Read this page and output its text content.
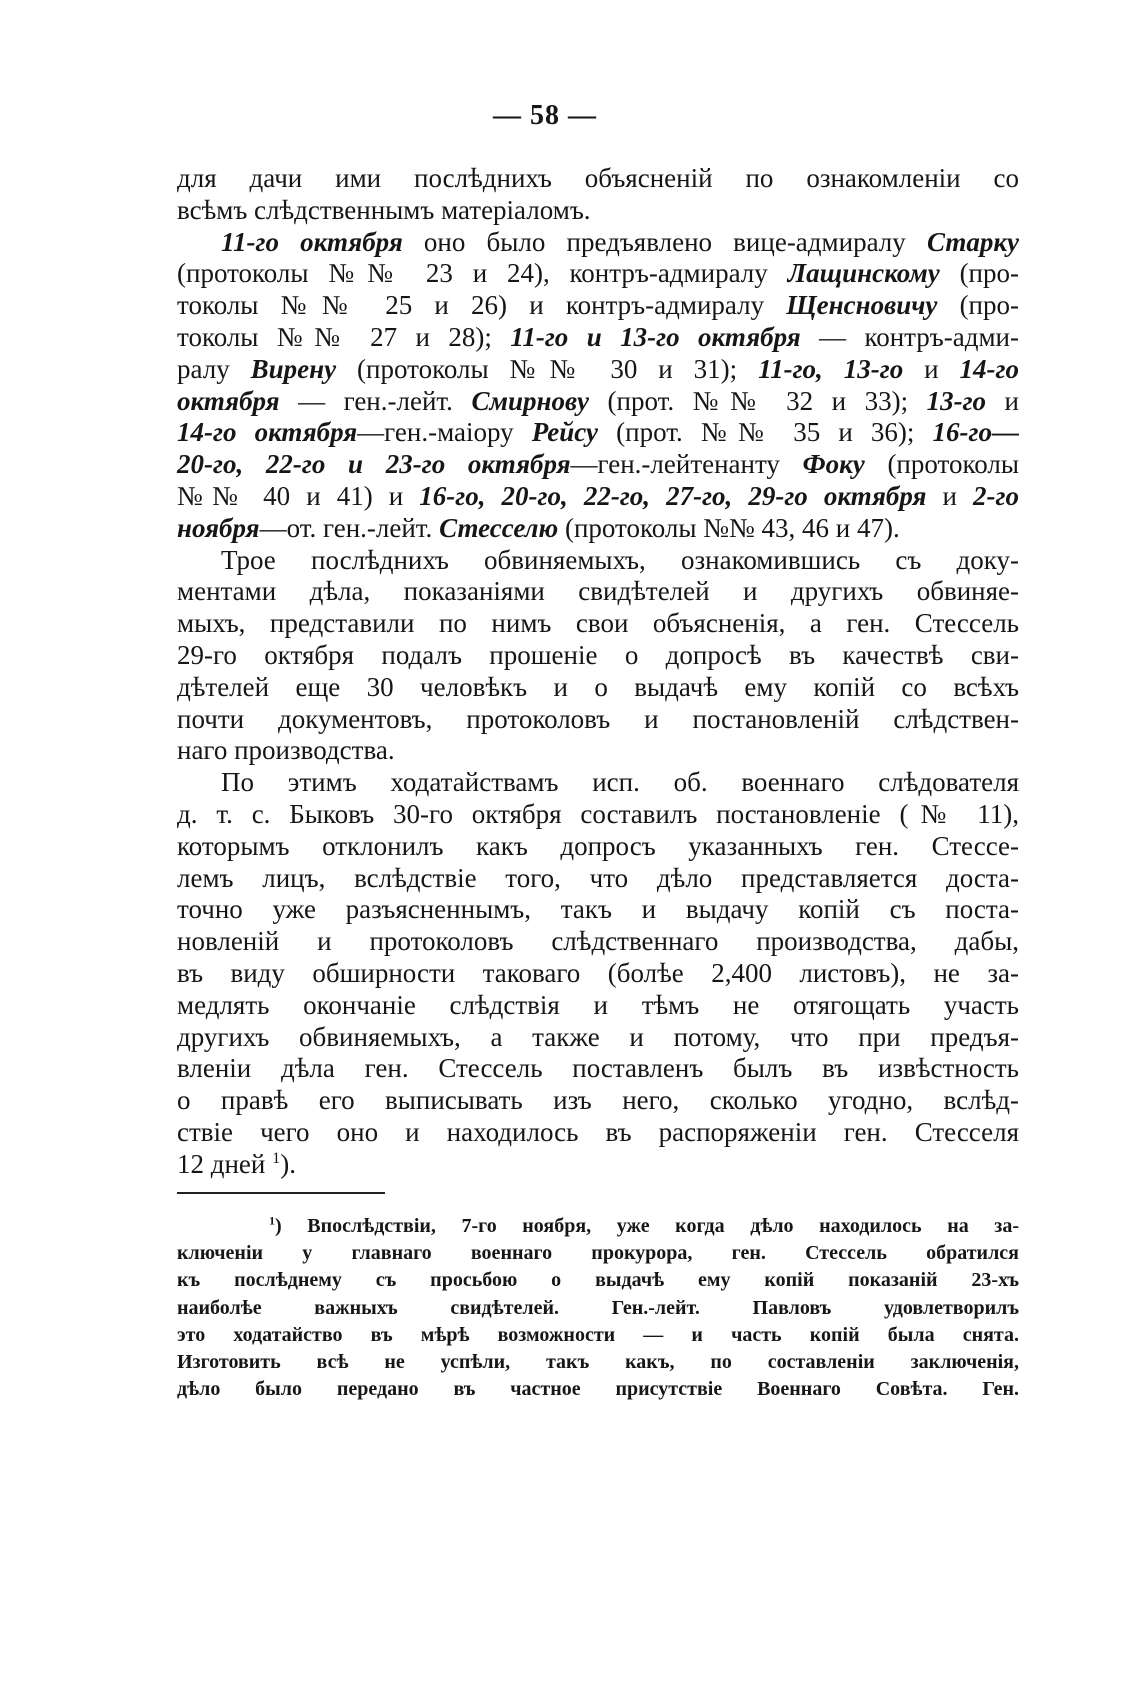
— 58 —
для дачи ими послѣднихъ объясненій по ознакомленіи со
всѣмъ слѣдственнымъ матеріаломъ.
11-го октября оно было предъявлено вице-адмиралу Старку
(протоколы №№ 23 и 24), контръ-адмиралу Лащинскому (про-
токолы №№ 25 и 26) и контръ-адмиралу Щенсновичу (про-
токолы №№ 27 и 28); 11-го и 13-го октября — контръ-адми-
ралу Вирену (протоколы №№ 30 и 31); 11-го, 13-го и 14-го
октября — ген.-лейт. Смирнову (прот. №№ 32 и 33); 13-го и
14-го октября—ген.-маіору Рейсу (прот. №№ 35 и 36); 16-го—
20-го, 22-го и 23-го октября—ген.-лейтенанту Фоку (протоколы
№№ 40 и 41) и 16-го, 20-го, 22-го, 27-го, 29-го октября и 2-го
ноября—от. ген.-лейт. Стесселю (протоколы №№ 43, 46 и 47).
Трое послѣднихъ обвиняемыхъ, ознакомившись съ доку-
ментами дѣла, показаніями свидѣтелей и другихъ обвиняе-
мыхъ, представили по нимъ свои объясненія, а ген. Стессель
29-го октября подалъ прошеніе о допросѣ въ качествѣ сви-
дѣтелей еще 30 человѣкъ и о выдачѣ ему копій со всѣхъ
почти документовъ, протоколовъ и постановленій слѣдствен-
наго производства.
По этимъ ходатайствамъ исп. об. военнаго слѣдователя
д. т. с. Быковъ 30-го октября составилъ постановленіе (№ 11),
которымъ отклонилъ какъ допросъ указанныхъ ген. Стессе-
лемъ лицъ, вслѣдствіе того, что дѣло представляется доста-
точно уже разъясненнымъ, такъ и выдачу копій съ поста-
новленій и протоколовъ слѣдственнаго производства, дабы,
въ виду обширности таковаго (болѣе 2,400 листовъ), не за-
медлять окончаніе слѣдствія и тѣмъ не отягощать участь
другихъ обвиняемыхъ, а также и потому, что при предъя-
вленіи дѣла ген. Стессель поставленъ былъ въ извѣстность
о правѣ его выписывать изъ него, сколько угодно, вслѣд-
ствіе чего оно и находилось въ распоряженіи ген. Стесселя
12 дней $^1$).
$^1$) Впослѣдствіи, 7-го ноября, уже когда дѣло находилось на за-
ключеніи у главнаго военнаго прокурора, ген. Стессель обратился
къ послѣднему съ просьбою о выдачѣ ему копій показаній 23-хъ
наиболѣе важныхъ свидѣтелей. Ген.-лейт. Павловъ удовлетворилъ
это ходатайство въ мѣрѣ возможности — и часть копій была снята.
Изготовить всѣ не успѣли, такъ какъ, по составленіи заключенія,
дѣло было передано въ частное присутствіе Военнаго Совѣта. Ген.
